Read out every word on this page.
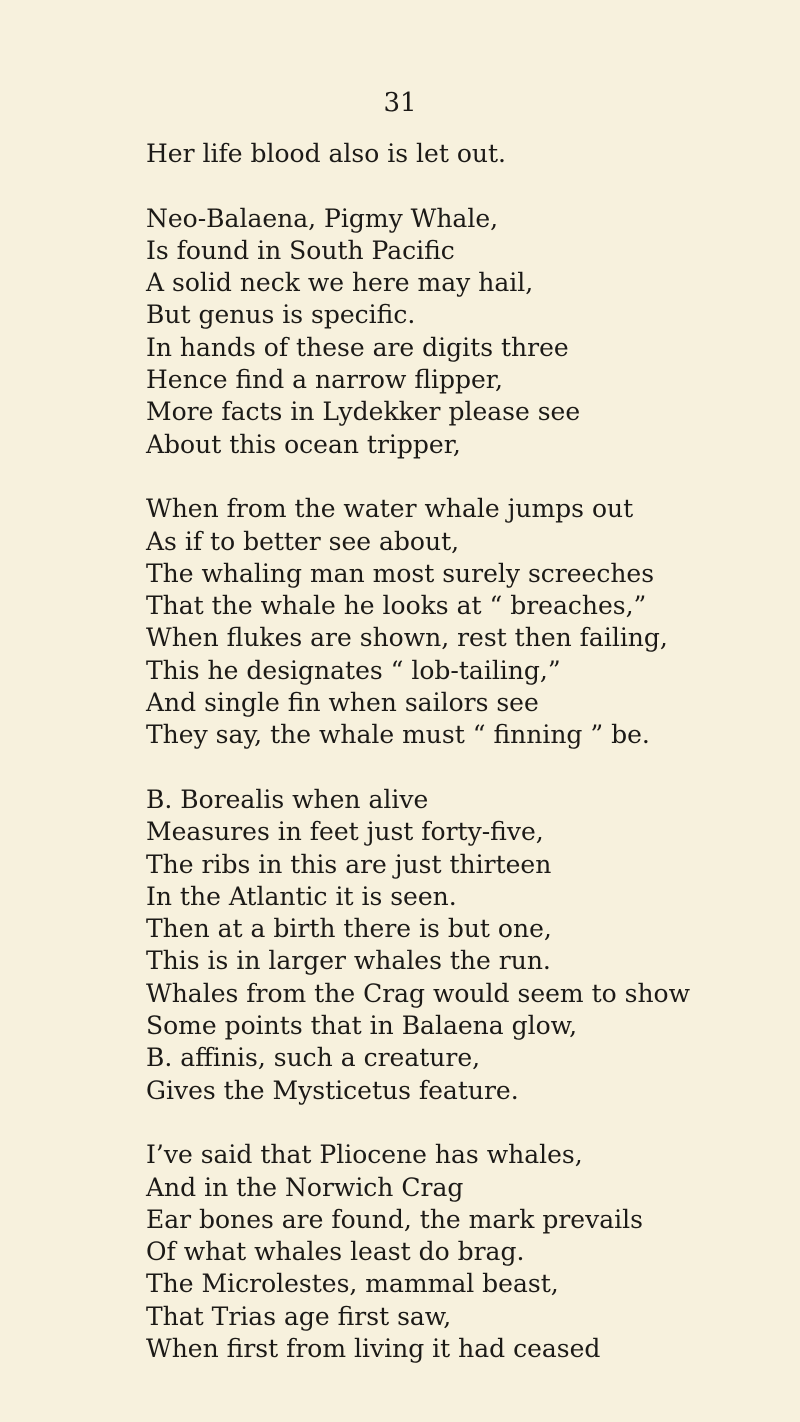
31
Her life blood also is let out.
Neo-Balaena, Pigmy Whale,
Is found in South Pacific
A solid neck we here may hail,
But genus is specific.
In hands of these are digits three
Hence find a narrow flipper,
More facts in Lydekker please see
About this ocean tripper,
When from the water whale jumps out
As if to better see about,
The whaling man most surely screeches
That the whale he looks at “ breaches,”
When flukes are shown, rest then failing,
This he designates “ lob-tailing,”
And single fin when sailors see
They say, the whale must “ finning ” be.
B. Borealis when alive
Measures in feet just forty-five,
The ribs in this are just thirteen
In the Atlantic it is seen.
Then at a birth there is but one,
This is in larger whales the run.
Whales from the Crag would seem to show
Some points that in Balaena glow,
B. affinis, such a creature,
Gives the Mysticetus feature.
I’ve said that Pliocene has whales,
And in the Norwich Crag
Ear bones are found, the mark prevails
Of what whales least do brag.
The Microlestes, mammal beast,
That Trias age first saw,
When first from living it had ceased
